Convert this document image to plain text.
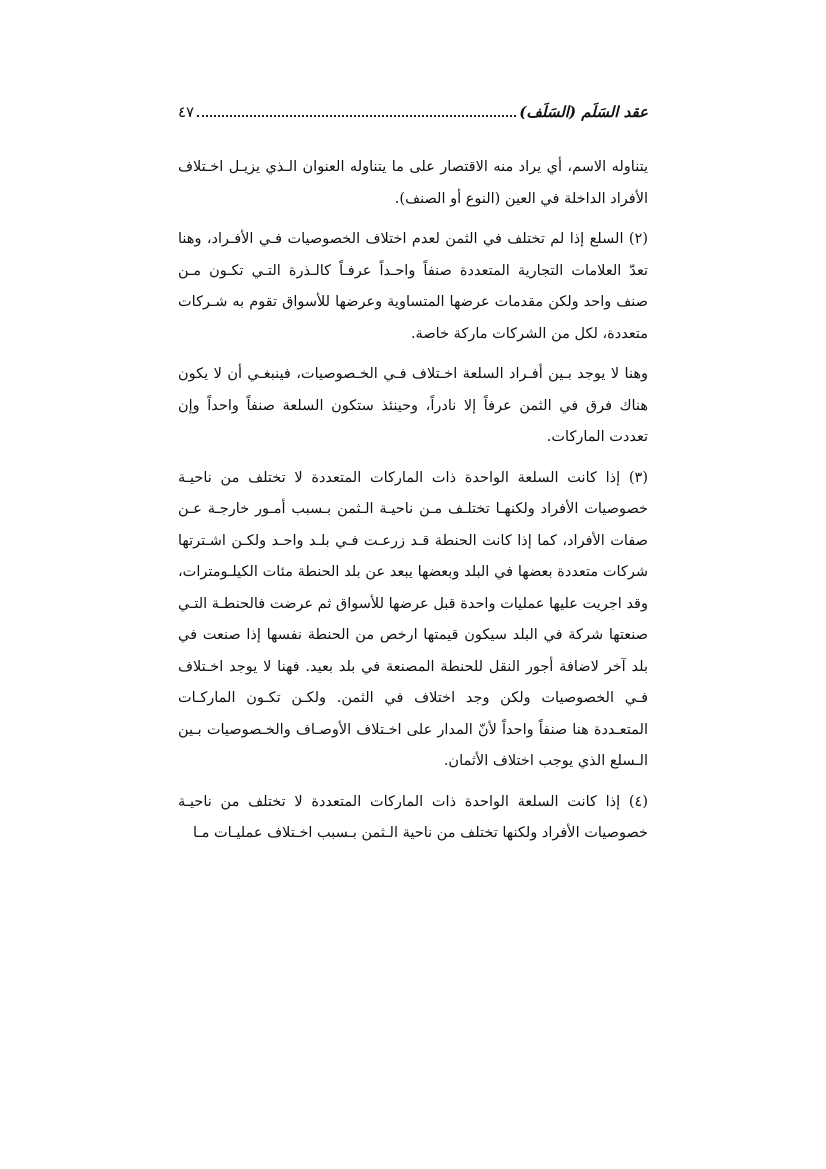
عقد السَلَم (السَلَف)
٤٧

يتناوله الاسم، أي يراد منه الاقتصار على ما يتناوله العنوان الـذي يزيـل اخـتلاف الأفراد الداخلة في العين (النوع أو الصنف).

(٢) السلع إذا لم تختلف في الثمن لعدم اختلاف الخصوصيات فـي الأفـراد، وهنا تعدّ العلامات التجارية المتعددة صنفاً واحـداً عرفـاً كالـذرة التـي تكـون مـن صنف واحد ولكن مقدمات عرضها المتساوية وعرضها للأسواق تقوم به شـركات متعددة، لكل من الشركات ماركة خاصة.

وهنا لا يوجد بـين أفـراد السلعة اخـتلاف فـي الخـصوصيات، فينبغـي أن لا يكون هناك فرق في الثمن عرفاً إلا نادراً، وحينئذ ستكون السلعة صنفاً واحداً وإن تعددت الماركات.

(٣) إذا كانت السلعة الواحدة ذات الماركات المتعددة لا تختلف من ناحيـة خصوصيات الأفراد ولكنهـا تختلـف مـن ناحيـة الـثمن بـسبب أمـور خارجـة عـن صفات الأفراد، كما إذا كانت الحنطة قـد زرعـت فـي بلـد واحـد ولكـن اشـترتها شركات متعددة بعضها في البلد وبعضها يبعد عن بلد الحنطة مئات الكيلـومترات، وقد اجريت عليها عمليات واحدة قبل عرضها للأسواق ثم عرضت فالحنطـة التـي صنعتها شركة في البلد سيكون قيمتها ارخص من الحنطة نفسها إذا صنعت في بلد آخر لاضافة أجور النقل للحنطة المصنعة في بلد بعيد. فهنا لا يوجد اخـتلاف فـي الخصوصيات ولكن وجد اختلاف في الثمن. ولكـن تكـون الماركـات المتعـددة هنا صنفاً واحداً لأنّ المدار على اخـتلاف الأوصـاف والخـصوصيات بـين الـسلع الذي يوجب اختلاف الأثمان.

(٤) إذا كانت السلعة الواحدة ذات الماركات المتعددة لا تختلف من ناحيـة خصوصيات الأفراد ولكنها تختلف من ناحية الـثمن بـسبب اخـتلاف عمليـات مـا
